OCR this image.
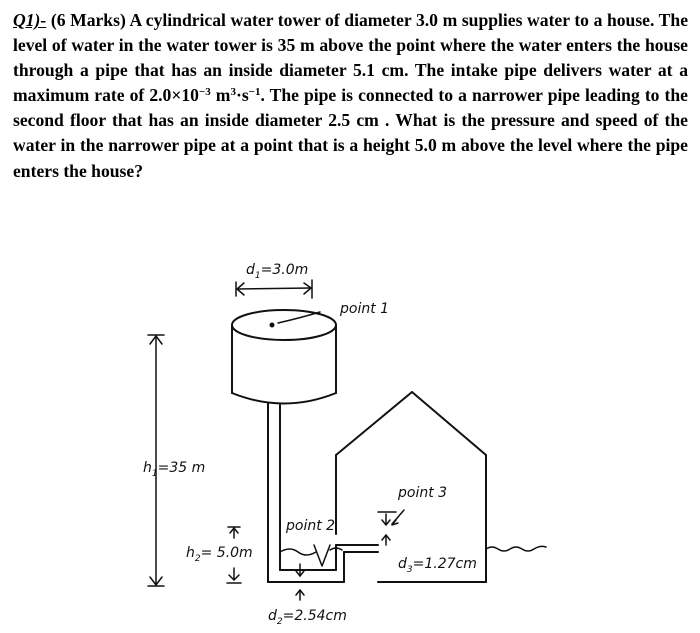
Q1)- (6 Marks) A cylindrical water tower of diameter 3.0 m supplies water to a house. The level of water in the water tower is 35 m above the point where the water enters the house through a pipe that has an inside diameter 5.1 cm. The intake pipe delivers water at a maximum rate of $2.0\times 10^{-3}$ $m^3\cdot s^{-1}$. The pipe is connected to a narrower pipe leading to the second floor that has an inside diameter 2.5 cm . What is the pressure and speed of the water in the narrower pipe at a point that is a height 5.0 m above the level where the pipe enters the house?
$d_1=3.0m$
point 1
$h_1=35$ m
$h_2= 5.0m$
point 2
$d_2=2.54cm$
point 3
$d_3=1.27cm$
